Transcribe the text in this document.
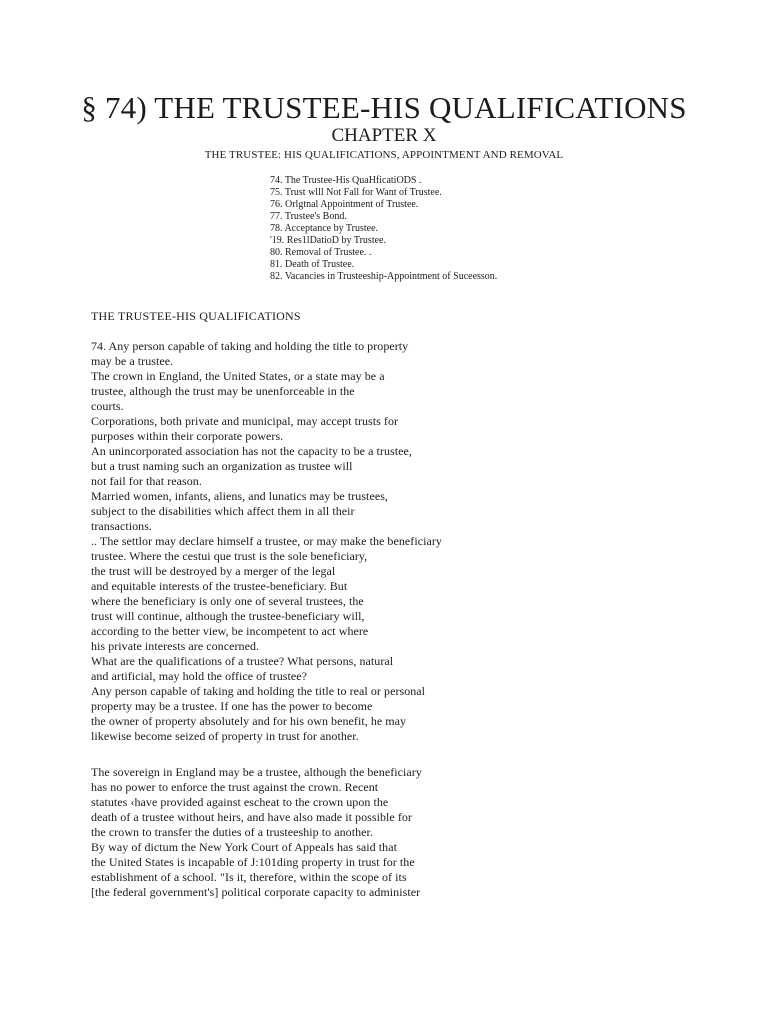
§ 74) THE TRUSTEE-HIS QUALIFICATIONS
CHAPTER X

THE TRUSTEE: HIS QUALIFICATIONS, APPOINTMENT AND REMOVAL

74. The Trustee-His QuaHficatiODS .
75. Trust wlll Not Fall for Want of Trustee.
76. Orlgtnal Appointment of Trustee.
77. Trustee's Bond.
78. Acceptance by Trustee.
'19. Res1lDatioD by Trustee.
80. Removal of Trustee. .
81. Death of Trustee.
82. Vacancies in Trusteeship-Appointment of Suceesson.
THE TRUSTEE-HIS QUALIFICATIONS
74. Any person capable of taking and holding the title to property
may be a trustee.
The crown in England, the United States, or a state may be a
trustee, although the trust may be unenforceable in the
courts.
Corporations, both private and municipal, may accept trusts for
purposes within their corporate powers.
An unincorporated association has not the capacity to be a trustee,
but a trust naming such an organization as trustee will
not fail for that reason.
Married women, infants, aliens, and lunatics may be trustees,
subject to the disabilities which affect them in all their
transactions.
.. The settlor may declare himself a trustee, or may make the beneficiary
trustee. Where the cestui que trust is the sole beneficiary,
the trust will be destroyed by a merger of the legal
and equitable interests of the trustee-beneficiary. But
where the beneficiary is only one of several trustees, the
trust will continue, although the trustee-beneficiary will,
according to the better view, be incompetent to act where
his private interests are concerned.
What are the qualifications of a trustee? What persons, natural
and artificial, may hold the office of trustee?
Any person capable of taking and holding the title to real or personal
property may be a trustee. If one has the power to become
the owner of property absolutely and for his own benefit, he may
likewise become seized of property in trust for another.
The sovereign in England may be a trustee, although the beneficiary
has no power to enforce the trust against the crown. Recent
statutes ‹have provided against escheat to the crown upon the
death of a trustee without heirs, and have also made it possible for
the crown to transfer the duties of a trusteeship to another.
By way of dictum the New York Court of Appeals has said that
the United States is incapable of J:101ding property in trust for the
establishment of a school. "Is it, therefore, within the scope of its
[the federal government's] political corporate capacity to administer
